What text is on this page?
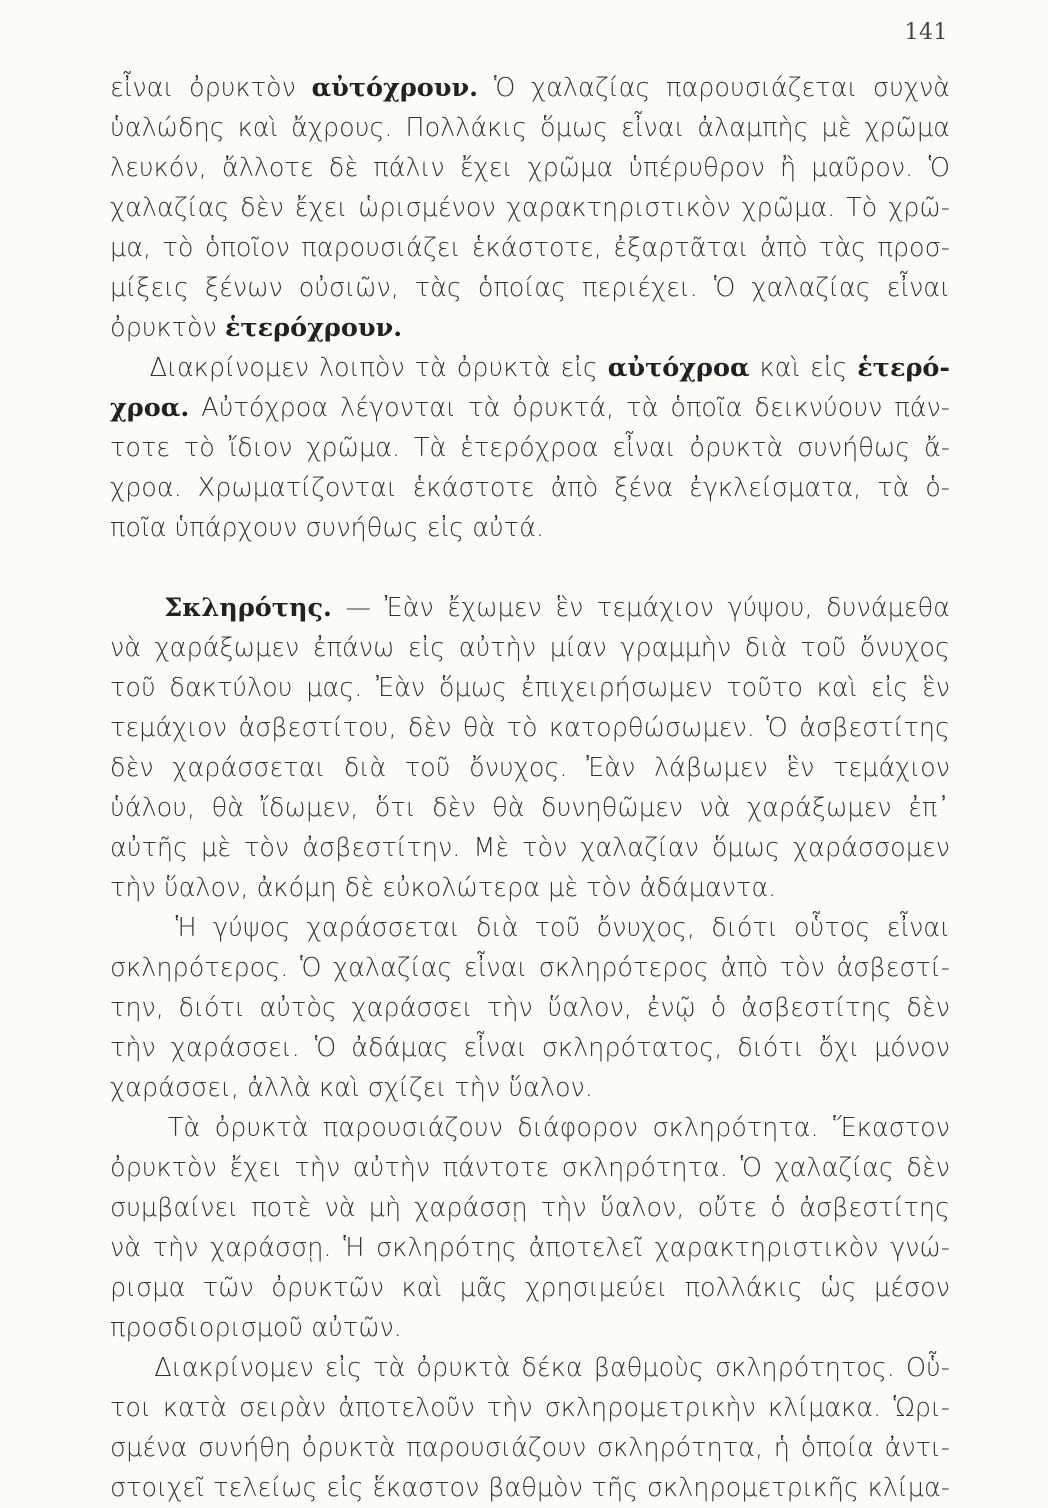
141
εἶναι ὀρυκτὸν αὐτόχρουν. Ὁ χαλαζίας παρουσιάζεται συχνὰ
ὑαλώδης καὶ ἄχρους. Πολλάκις ὅμως εἶναι ἀλαμπὴς μὲ χρῶμα
λευκόν, ἄλλοτε δὲ πάλιν ἔχει χρῶμα ὑπέρυθρον ἢ μαῦρον. Ὁ
χαλαζίας δὲν ἔχει ὡρισμένον χαρακτηριστικὸν χρῶμα. Τὸ χρῶ-
μα, τὸ ὁποῖον παρουσιάζει ἑκάστοτε, ἐξαρτᾶται ἀπὸ τὰς προσ-
μίξεις ξένων οὐσιῶν, τὰς ὁποίας περιέχει. Ὁ χαλαζίας εἶναι
ὀρυκτὸν ἑτερόχρουν.
Διακρίνομεν λοιπὸν τὰ ὀρυκτὰ εἰς αὐτόχροα καὶ εἰς ἑτερό-
χροα. Αὐτόχροα λέγονται τὰ ὀρυκτά, τὰ ὁποῖα δεικνύουν πάν-
τοτε τὸ ἴδιον χρῶμα. Τὰ ἑτερόχροα εἶναι ὀρυκτὰ συνήθως ἄ-
χροα. Χρωματίζονται ἑκάστοτε ἀπὸ ξένα ἐγκλείσματα, τὰ ὁ-
ποῖα ὑπάρχουν συνήθως εἰς αὐτά.
Σκληρότης. — Ἐὰν ἔχωμεν ἓν τεμάχιον γύψου, δυνάμεθα
νὰ χαράξωμεν ἐπάνω εἰς αὐτὴν μίαν γραμμὴν διὰ τοῦ ὄνυχος
τοῦ δακτύλου μας. Ἐὰν ὅμως ἐπιχειρήσωμεν τοῦτο καὶ εἰς ἓν
τεμάχιον ἀσβεστίτου, δὲν θὰ τὸ κατορθώσωμεν. Ὁ ἀσβεστίτης
δὲν χαράσσεται διὰ τοῦ ὄνυχος. Ἐὰν λάβωμεν ἓν τεμάχιον
ὑάλου, θὰ ἴδωμεν, ὅτι δὲν θὰ δυνηθῶμεν νὰ χαράξωμεν ἐπ᾽
αὐτῆς μὲ τὸν ἀσβεστίτην. Μὲ τὸν χαλαζίαν ὅμως χαράσσομεν
τὴν ὕαλον, ἀκόμη δὲ εὐκολώτερα μὲ τὸν ἀδάμαντα.
Ἡ γύψος χαράσσεται διὰ τοῦ ὄνυχος, διότι οὗτος εἶναι
σκληρότερος. Ὁ χαλαζίας εἶναι σκληρότερος ἀπὸ τὸν ἀσβεστί-
την, διότι αὐτὸς χαράσσει τὴν ὕαλον, ἐνῷ ὁ ἀσβεστίτης δὲν
τὴν χαράσσει. Ὁ ἀδάμας εἶναι σκληρότατος, διότι ὄχι μόνον
χαράσσει, ἀλλὰ καὶ σχίζει τὴν ὕαλον.
Τὰ ὀρυκτὰ παρουσιάζουν διάφορον σκληρότητα. Ἕκαστον
ὀρυκτὸν ἔχει τὴν αὐτὴν πάντοτε σκληρότητα. Ὁ χαλαζίας δὲν
συμβαίνει ποτὲ νὰ μὴ χαράσσῃ τὴν ὕαλον, οὔτε ὁ ἀσβεστίτης
νὰ τὴν χαράσσῃ. Ἡ σκληρότης ἀποτελεῖ χαρακτηριστικὸν γνώ-
ρισμα τῶν ὀρυκτῶν καὶ μᾶς χρησιμεύει πολλάκις ὡς μέσον
προσδιορισμοῦ αὐτῶν.
Διακρίνομεν εἰς τὰ ὀρυκτὰ δέκα βαθμοὺς σκληρότητος. Οὗ-
τοι κατὰ σειρὰν ἀποτελοῦν τὴν σκληρομετρικὴν κλίμακα. Ὡρι-
σμένα συνήθη ὀρυκτὰ παρουσιάζουν σκληρότητα, ἡ ὁποία ἀντι-
στοιχεῖ τελείως εἰς ἕκαστον βαθμὸν τῆς σκληρομετρικῆς κλίμα-
